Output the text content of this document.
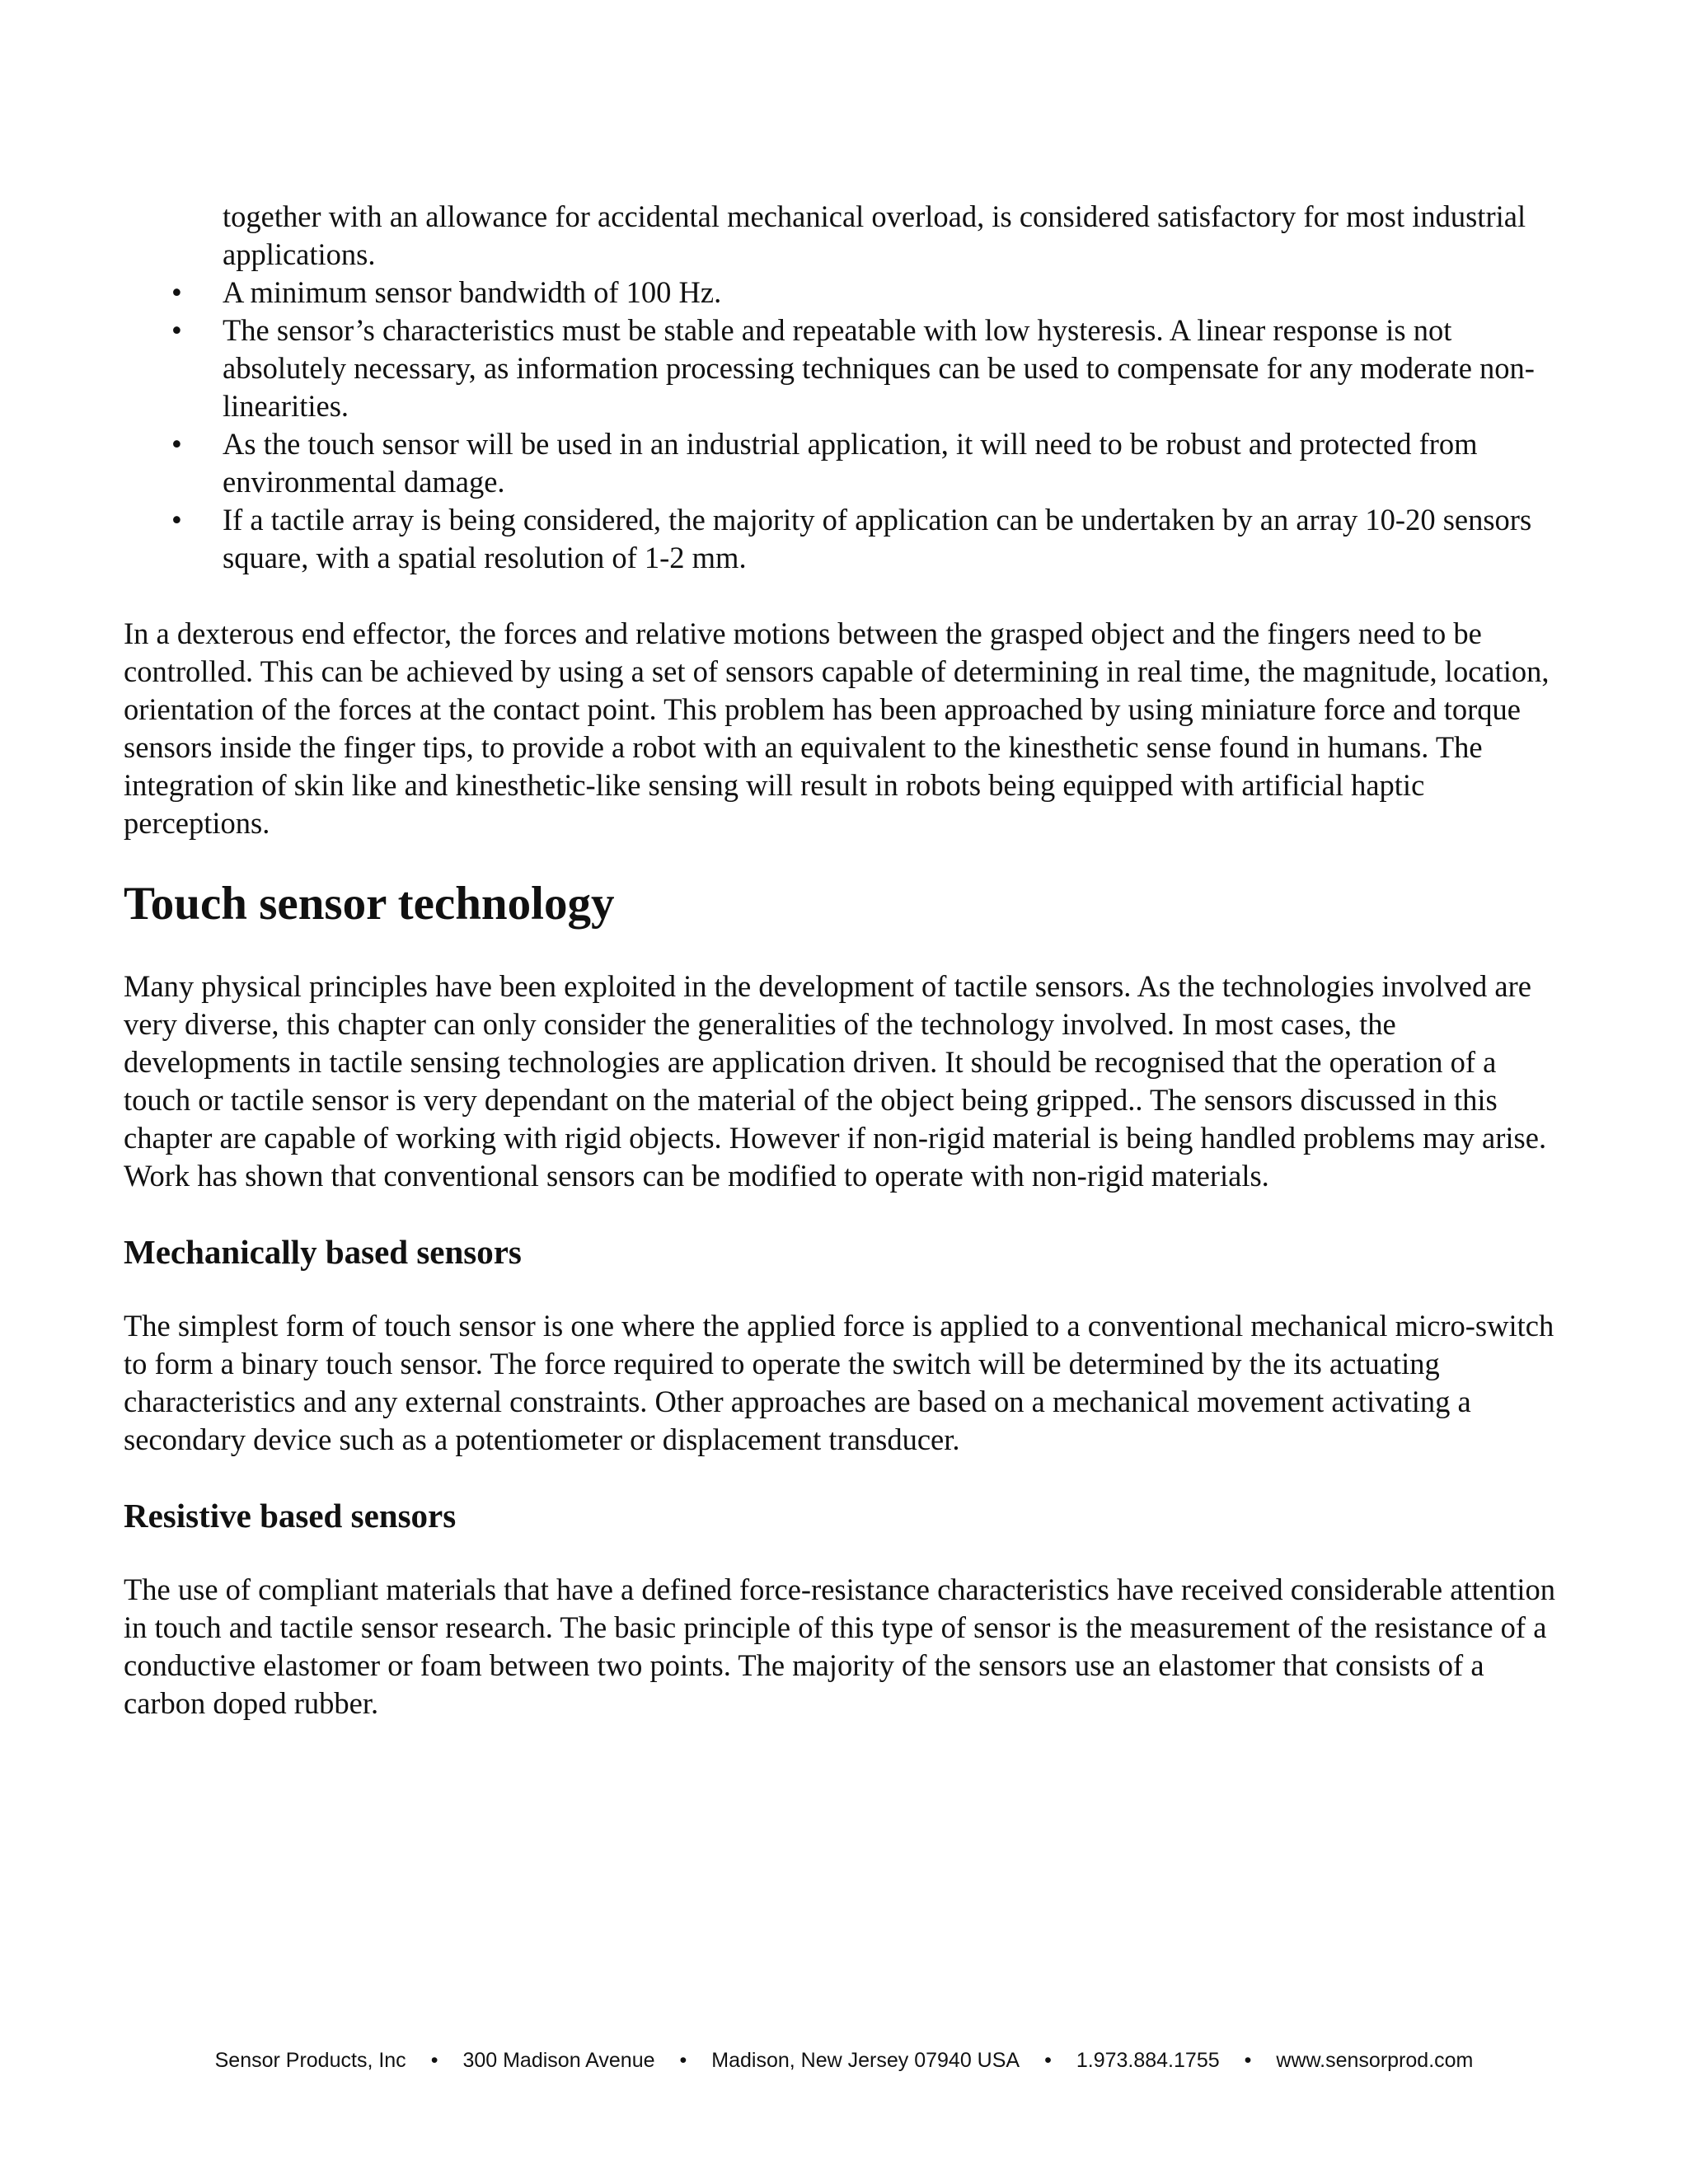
together with an allowance for accidental mechanical overload, is considered satisfactory for most industrial applications.

• A minimum sensor bandwidth of 100 Hz.
• The sensor’s characteristics must be stable and repeatable with low hysteresis. A linear response is not absolutely necessary, as information processing techniques can be used to compensate for any moderate non-linearities.
• As the touch sensor will be used in an industrial application, it will need to be robust and protected from environmental damage.
• If a tactile array is being considered, the majority of application can be undertaken by an array 10-20 sensors square, with a spatial resolution of 1-2 mm.

In a dexterous end effector, the forces and relative motions between the grasped object and the fingers need to be controlled. This can be achieved by using a set of sensors capable of determining in real time, the magnitude, location, orientation of the forces at the contact point. This problem has been approached by using miniature force and torque sensors inside the finger tips, to provide a robot with an equivalent to the kinesthetic sense found in humans. The integration of skin like and kinesthetic-like sensing will result in robots being equipped with artificial haptic perceptions.

Touch sensor technology

Many physical principles have been exploited in the development of tactile sensors. As the technologies involved are very diverse, this chapter can only consider the generalities of the technology involved. In most cases, the developments in tactile sensing technologies are application driven. It should be recognised that the operation of a touch or tactile sensor is very dependant on the material of the object being gripped.. The sensors discussed in this chapter are capable of working with rigid objects. However if non-rigid material is being handled problems may arise. Work has shown that conventional sensors can be modified to operate with non-rigid materials.

Mechanically based sensors

The simplest form of touch sensor is one where the applied force is applied to a conventional mechanical micro-switch to form a binary touch sensor. The force required to operate the switch will be determined by the its actuating characteristics and any external constraints. Other approaches are based on a mechanical movement activating a secondary device such as a potentiometer or displacement transducer.

Resistive based sensors

The use of compliant materials that have a defined force-resistance characteristics have received considerable attention in touch and tactile sensor research. The basic principle of this type of sensor is the measurement of the resistance of a conductive elastomer or foam between two points. The majority of the sensors use an elastomer that consists of a carbon doped rubber.

Sensor Products, Inc • 300 Madison Avenue • Madison, New Jersey 07940 USA • 1.973.884.1755 • www.sensorprod.com
